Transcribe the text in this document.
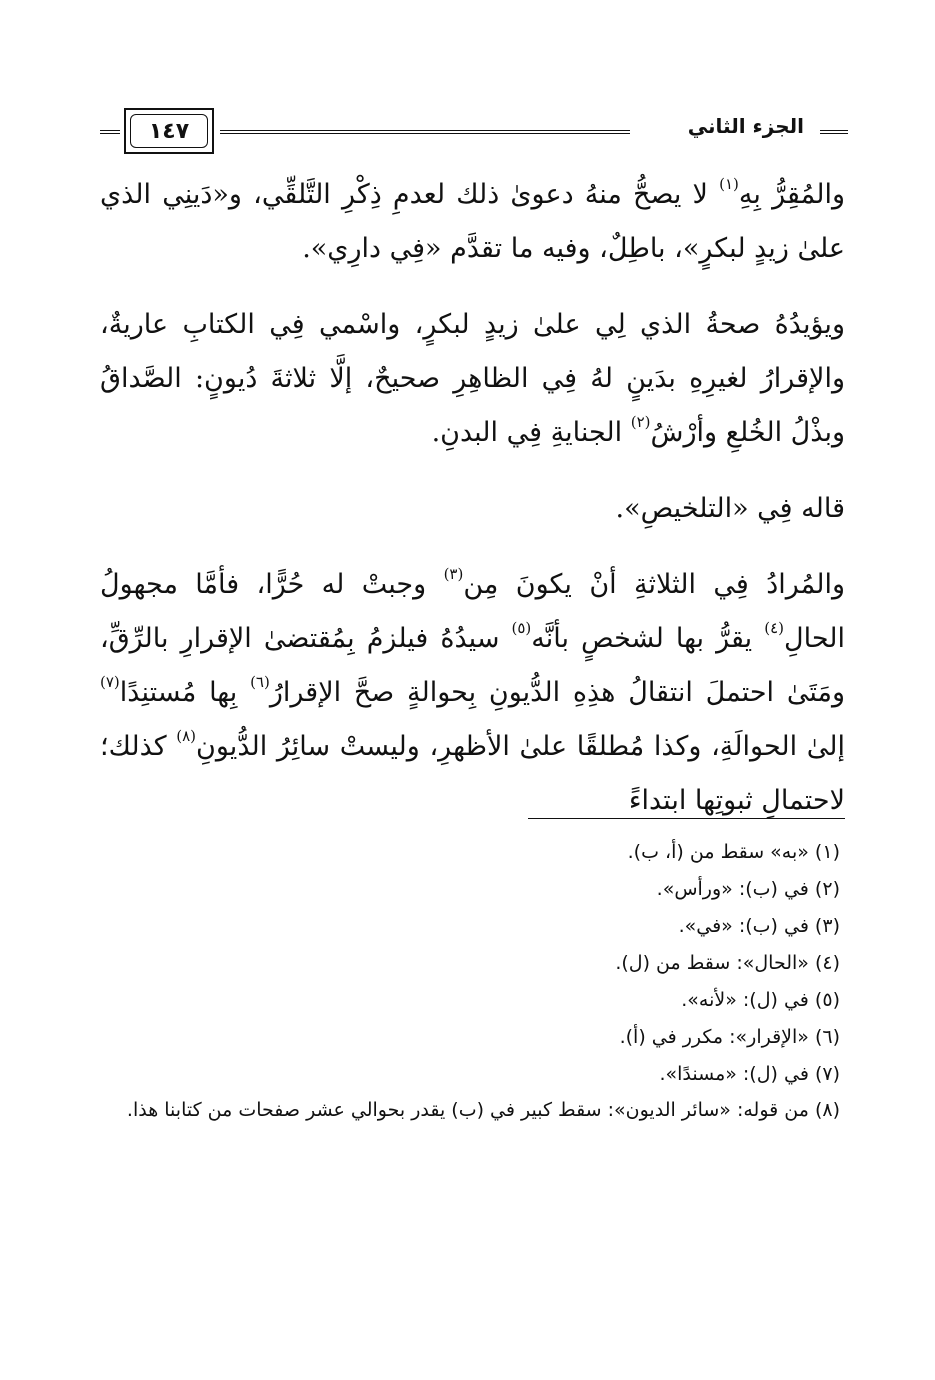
الجزء الثاني
١٤٧

والمُقِرُّ بِهِ$^{(١)}$ لا يصحُّ منهُ دعوىٰ ذلك لعدمِ ذِكْرِ التَّلقِّي، و«دَينِي الذي علىٰ زيدٍ لبكرٍ»، باطِلٌ، وفيه ما تقدَّم «فِي دارِي».

ويؤيدُهُ صحةُ الذي لِي علىٰ زيدٍ لبكرٍ، واسْمي فِي الكتابِ عاريةٌ، والإقرارُ لغيرِهِ بدَينٍ لهُ فِي الظاهِرِ صحيحٌ، إلَّا ثلاثةَ دُيونٍ: الصَّداقُ وبذْلُ الخُلعِ وأرْشُ$^{(٢)}$ الجنايةِ فِي البدنِ.

قاله فِي «التلخيصِ».

والمُرادُ فِي الثلاثةِ أنْ يكونَ مِن$^{(٣)}$ وجبتْ له حُرًّا، فأمَّا مجهولُ الحالِ$^{(٤)}$ يقرُّ بها لشخصٍ بأنَّه$^{(٥)}$ سيدُهُ فيلزمُ بِمُقتضىٰ الإقرارِ بالرِّقِّ، ومَتَىٰ احتملَ انتقالُ هذِهِ الدُّيونِ بِحوالةٍ صحَّ الإقرارُ$^{(٦)}$ بِها مُستنِدًا$^{(٧)}$ إلىٰ الحوالَةِ، وكذا مُطلقًا علىٰ الأظهرِ، وليستْ سائِرُ الدُّيونِ$^{(٨)}$ كذلك؛ لاحتمالِ ثبوتِها ابتداءً

(١) «به» سقط من (أ، ب).
(٢) في (ب): «ورأس».
(٣) في (ب): «في».
(٤) «الحال»: سقط من (ل).
(٥) في (ل): «لأنه».
(٦) «الإقرار»: مكرر في (أ).
(٧) في (ل): «مسندًا».
(٨) من قوله: «سائر الديون»: سقط كبير في (ب) يقدر بحوالي عشر صفحات من كتابنا هذا.
